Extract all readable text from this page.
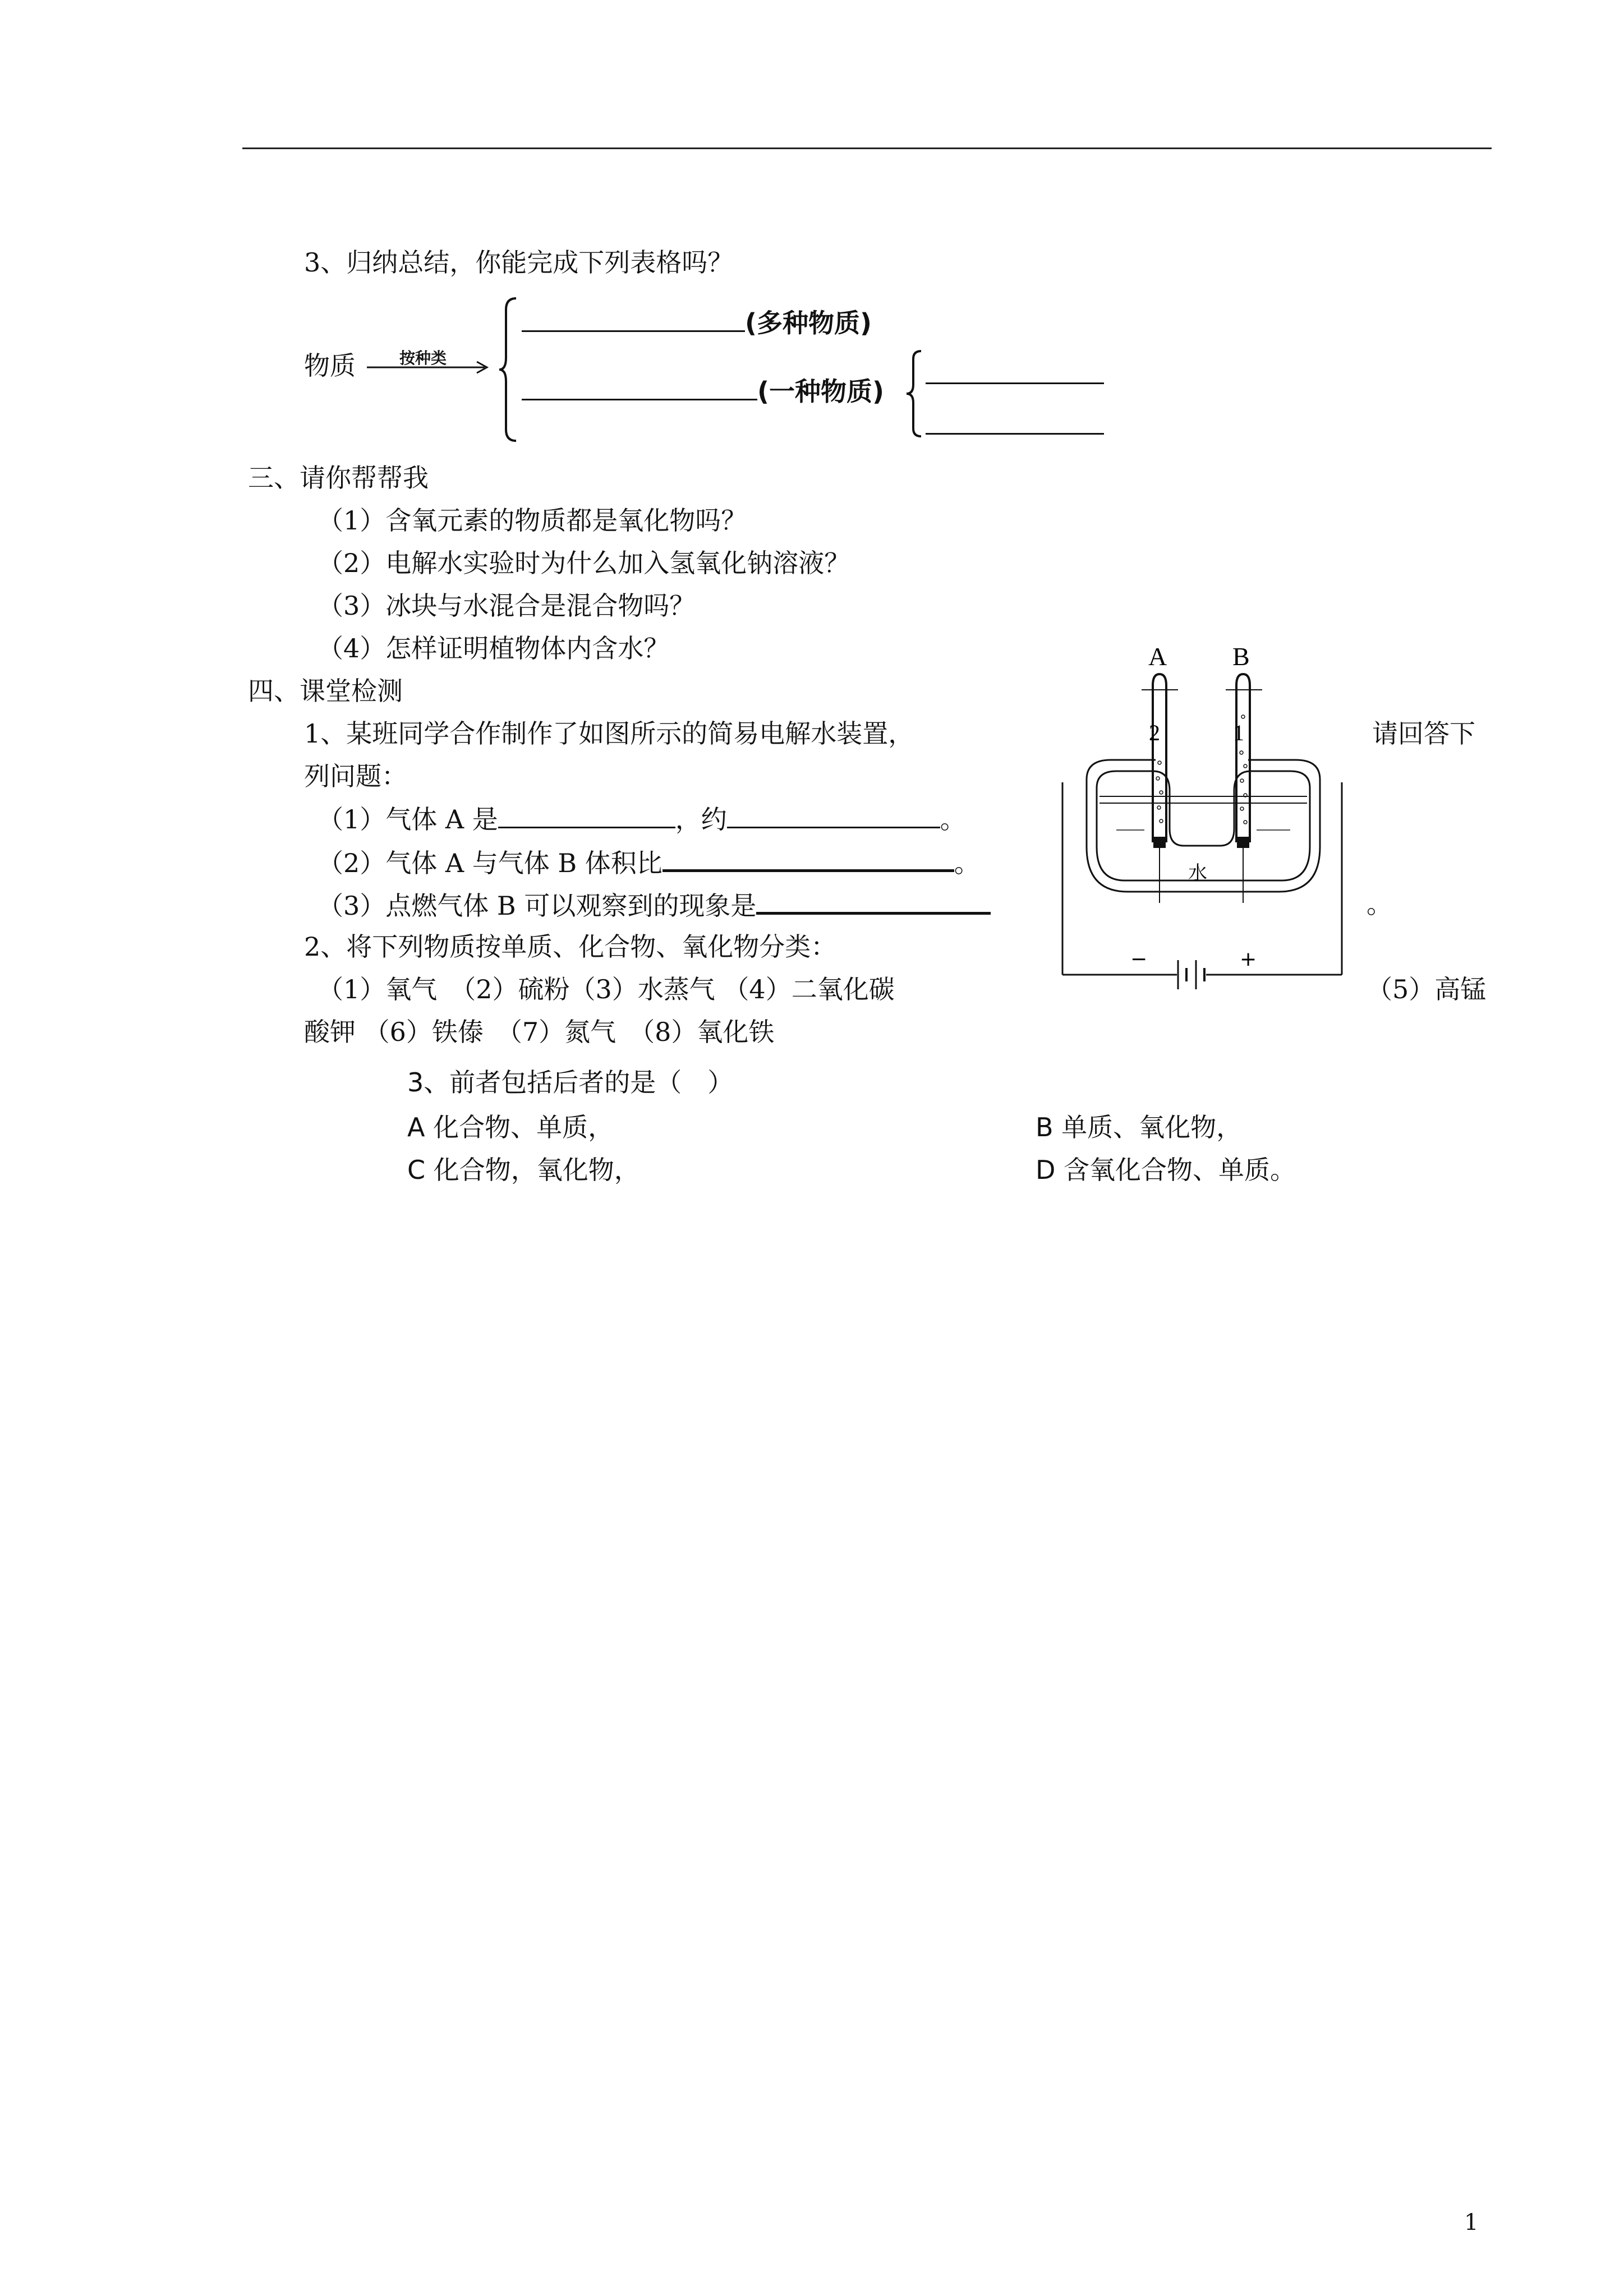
3、归纳总结，你能完成下列表格吗？
物质	按种类
(多种物质)
(一种物质)
三、请你帮帮我
（1）含氧元素的物质都是氧化物吗？
（2）电解水实验时为什么加入氢氧化钠溶液？
（3）冰块与水混合是混合物吗？
（4）怎样证明植物体内含水？
四、课堂检测
1、某班同学合作制作了如图所示的简易电解水装置，	请回答下
列问题：
（1）气体 A 是	，约	。
（2）气体 A 与气体 B 体积比	。
（3）点燃气体 B 可以观察到的现象是	。
2、将下列物质按单质、化合物、氧化物分类：
（1）氧气　（2）硫粉（3）水蒸气 （4）二氧化碳	（5）高锰
酸钾 （6）铁傣　（7）氮气　（8）氧化铁
3、前者包括后者的是（　）
A 化合物、单质，	B 单质、氧化物，
C 化合物，氧化物，	D 含氧化合物、单质。
A	B
2	1
水
−	+
1
